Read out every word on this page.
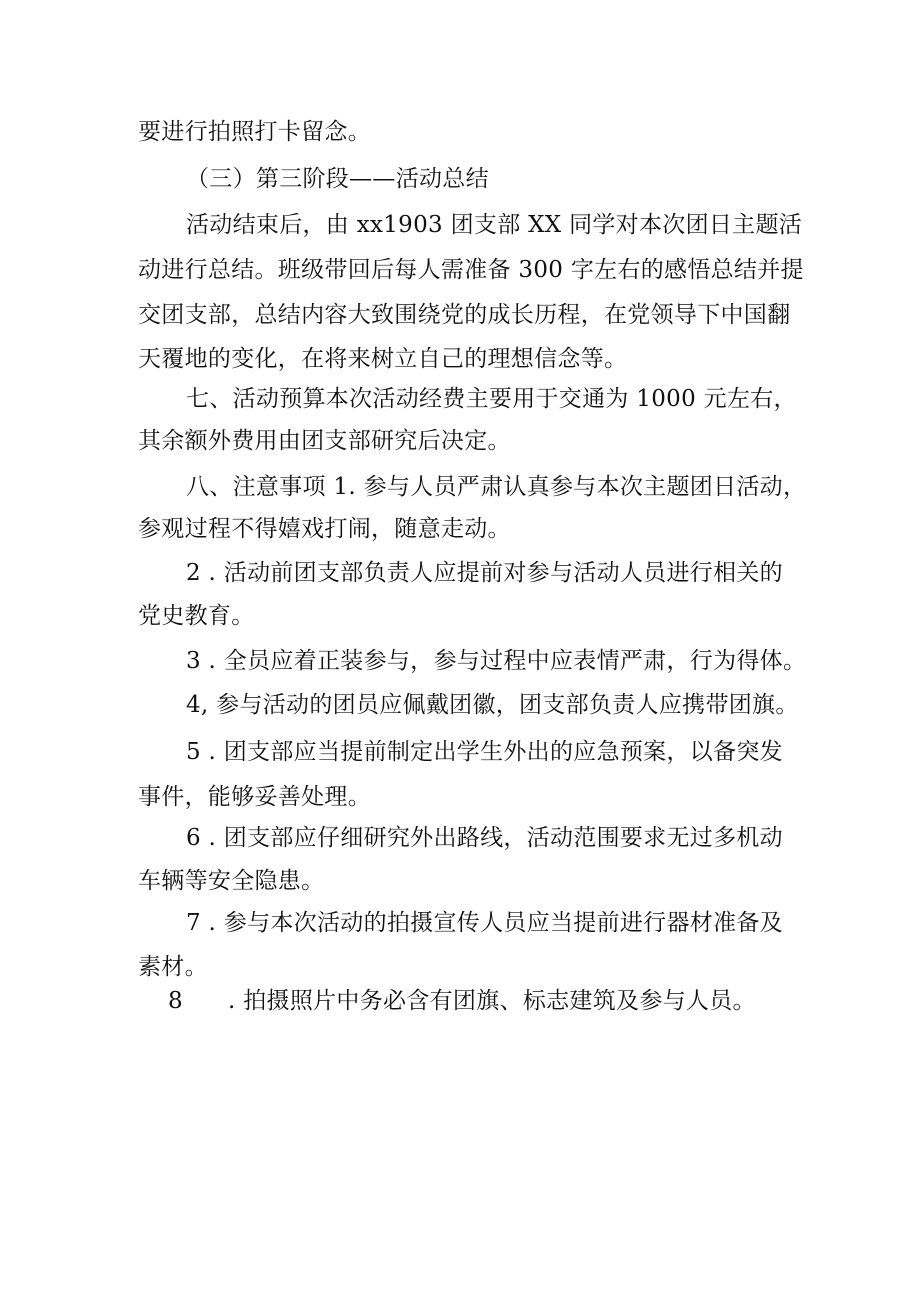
要进行拍照打卡留念。
（三）第三阶段——活动总结
活动结束后，由 xx1903 团支部 XX 同学对本次团日主题活
动进行总结。班级带回后每人需准备 300 字左右的感悟总结并提
交团支部，总结内容大致围绕党的成长历程，在党领导下中国翻
天覆地的变化，在将来树立自己的理想信念等。
七、活动预算本次活动经费主要用于交通为 1000 元左右，
其余额外费用由团支部研究后决定。
八、注意事项 1. 参与人员严肃认真参与本次主题团日活动，
参观过程不得嬉戏打闹，随意走动。
2 . 活动前团支部负责人应提前对参与活动人员进行相关的
党史教育。
3 . 全员应着正装参与，参与过程中应表情严肃，行为得体。
4, 参与活动的团员应佩戴团徽，团支部负责人应携带团旗。
5 . 团支部应当提前制定出学生外出的应急预案，以备突发
事件，能够妥善处理。
6 . 团支部应仔细研究外出路线，活动范围要求无过多机动
车辆等安全隐患。
7 . 参与本次活动的拍摄宣传人员应当提前进行器材准备及
素材。
8 . 拍摄照片中务必含有团旗、标志建筑及参与人员。
